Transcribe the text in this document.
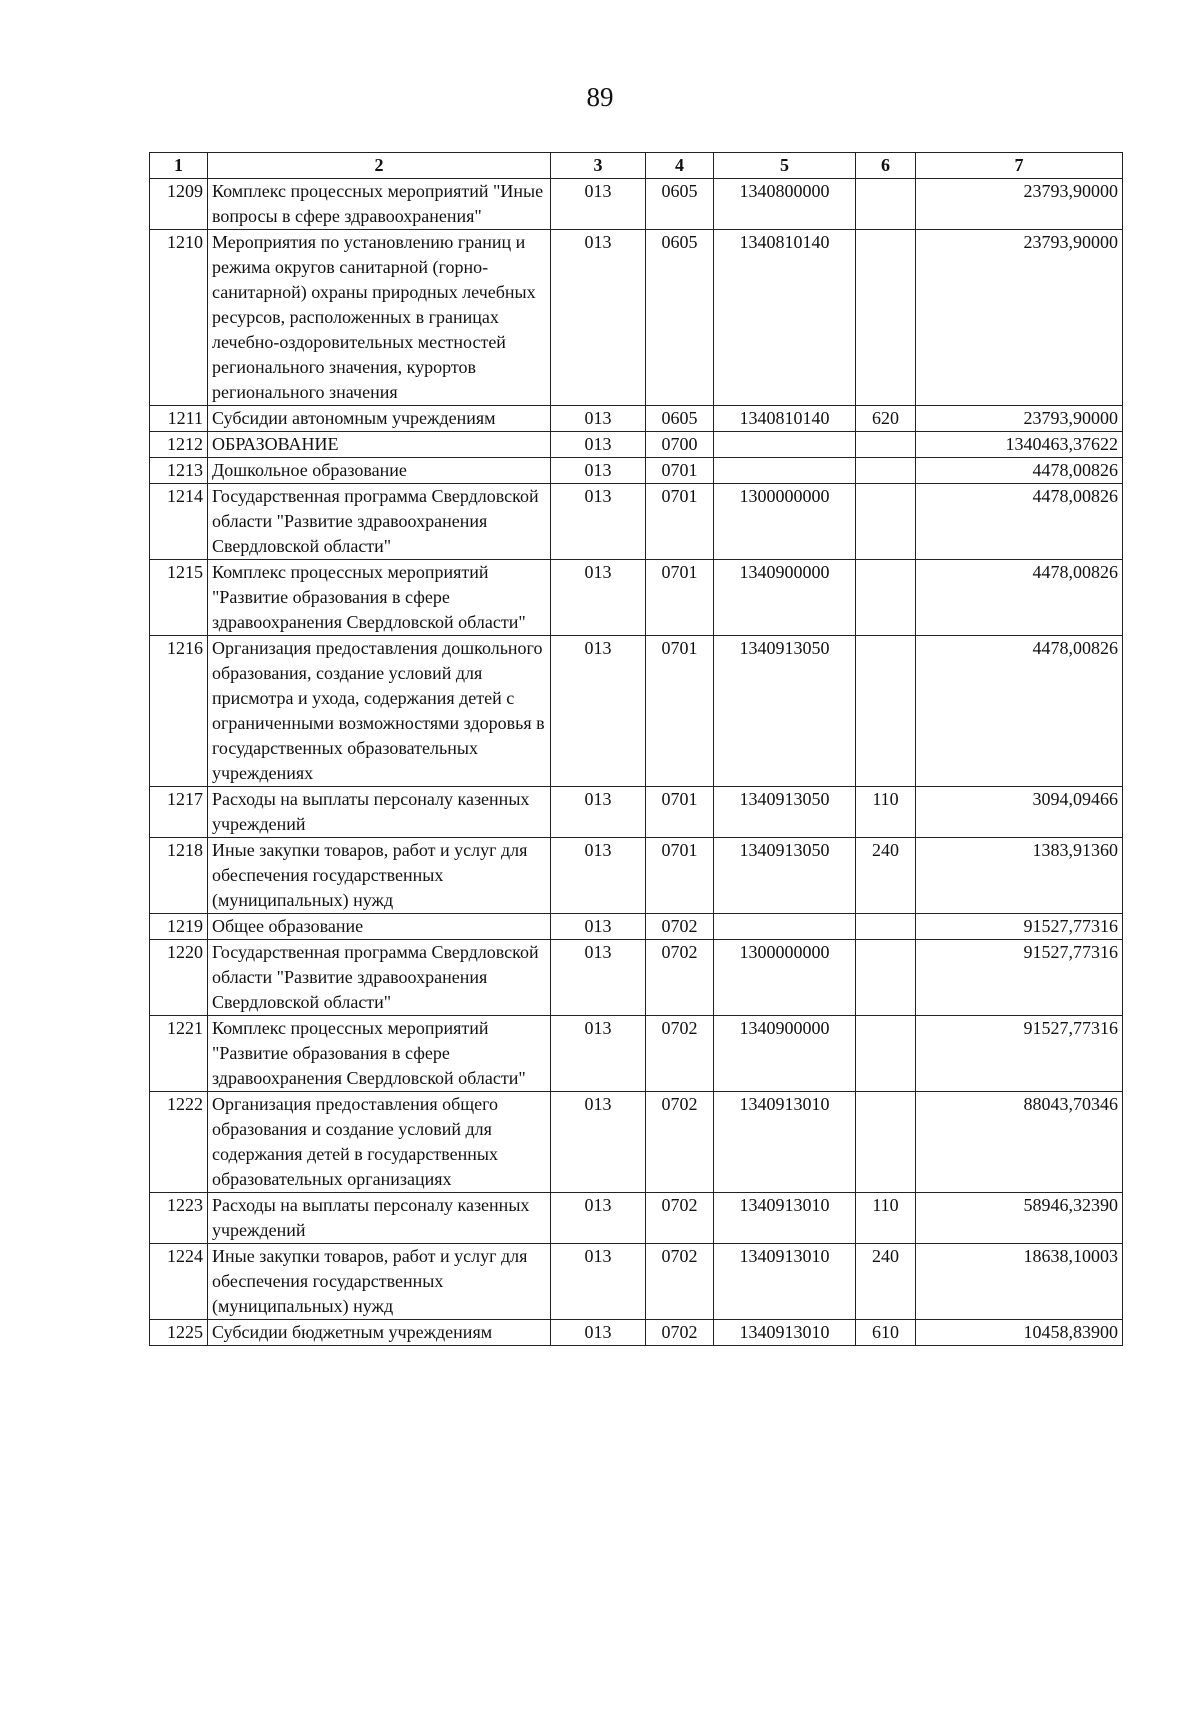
89
1	2	3	4	5	6	7
1209	Комплекс процессных мероприятий "Иные вопросы в сфере здравоохранения"	013	0605	1340800000		23793,90000
1210	Мероприятия по установлению границ и режима округов санитарной (горно-санитарной) охраны природных лечебных ресурсов, расположенных в границах лечебно-оздоровительных местностей регионального значения, курортов регионального значения	013	0605	1340810140		23793,90000
1211	Субсидии автономным учреждениям	013	0605	1340810140	620	23793,90000
1212	ОБРАЗОВАНИЕ	013	0700			1340463,37622
1213	Дошкольное образование	013	0701			4478,00826
1214	Государственная программа Свердловской области "Развитие здравоохранения Свердловской области"	013	0701	1300000000		4478,00826
1215	Комплекс процессных мероприятий "Развитие образования в сфере здравоохранения Свердловской области"	013	0701	1340900000		4478,00826
1216	Организация предоставления дошкольного образования, создание условий для присмотра и ухода, содержания детей с ограниченными возможностями здоровья в государственных образовательных учреждениях	013	0701	1340913050		4478,00826
1217	Расходы на выплаты персоналу казенных учреждений	013	0701	1340913050	110	3094,09466
1218	Иные закупки товаров, работ и услуг для обеспечения государственных (муниципальных) нужд	013	0701	1340913050	240	1383,91360
1219	Общее образование	013	0702			91527,77316
1220	Государственная программа Свердловской области "Развитие здравоохранения Свердловской области"	013	0702	1300000000		91527,77316
1221	Комплекс процессных мероприятий "Развитие образования в сфере здравоохранения Свердловской области"	013	0702	1340900000		91527,77316
1222	Организация предоставления общего образования и создание условий для содержания детей в государственных образовательных организациях	013	0702	1340913010		88043,70346
1223	Расходы на выплаты персоналу казенных учреждений	013	0702	1340913010	110	58946,32390
1224	Иные закупки товаров, работ и услуг для обеспечения государственных (муниципальных) нужд	013	0702	1340913010	240	18638,10003
1225	Субсидии бюджетным учреждениям	013	0702	1340913010	610	10458,83900
